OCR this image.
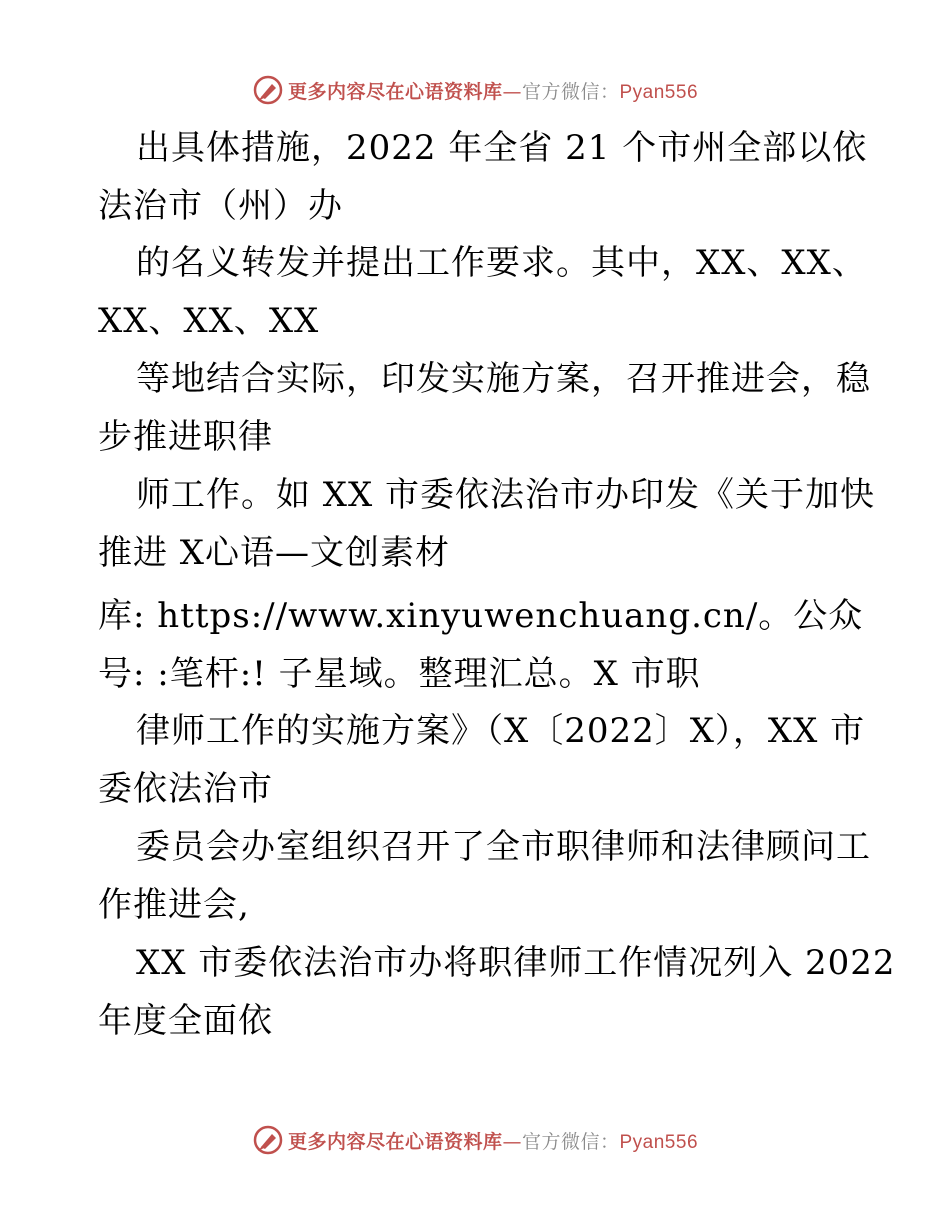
更多内容尽在心语资料库—官方微信：Pyan556
出具体措施，2022 年全省 21 个市州全部以依
法治市（州）办
的名义转发并提出工作要求。其中，XX、XX、
XX、XX、XX
等地结合实际，印发实施方案，召开推进会，稳
步推进职律
师工作。如 XX 市委依法治市办印发《关于加快
推进 X心语—文创素材
库: https://www.xinyuwenchuang.cn/。公众
号: :笔杆:! 子星域。整理汇总。X 市职
律师工作的实施方案》（X〔2022〕X），XX 市
委依法治市
委员会办室组织召开了全市职律师和法律顾问工
作推进会,
XX 市委依法治市办将职律师工作情况列入 2022
年度全面依
更多内容尽在心语资料库—官方微信：Pyan556
